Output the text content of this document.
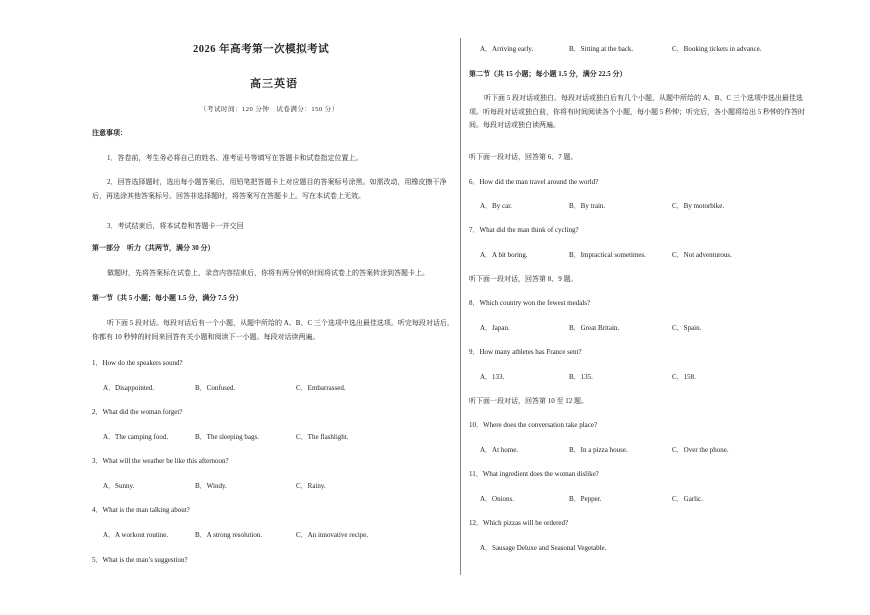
2026 年高考第一次模拟考试
高三英语
（考试时间：120 分钟　试卷满分：150 分）
注意事项：
1．答卷前，考生务必将自己的姓名、准考证号等填写在答题卡和试卷指定位置上。
2．回答选择题时，选出每小题答案后，用铅笔把答题卡上对应题目的答案标号涂黑。如需改动，用橡皮擦干净后，再选涂其他答案标号。回答非选择题时，将答案写在答题卡上。写在本试卷上无效。
3．考试结束后，将本试卷和答题卡一并交回
第一部分　听力（共两节，满分 30 分）
做题时，先将答案标在试卷上，录音内容结束后，你将有两分钟的时间将试卷上的答案转涂到答题卡上。
第一节（共 5 小题；每小题 1.5 分，满分 7.5 分）
听下面 5 段对话。每段对话后有一个小题，从题中所给的 A、B、C 三个选项中选出最佳选项。听完每段对话后，你都有 10 秒钟的时间来回答有关小题和阅读下一小题。每段对话读两遍。
1．How do the speakers sound?
A．Disappointed.	B．Confused.	C．Embarrassed.
2．What did the woman forget?
A．The camping food.	B．The sleeping bags.	C．The flashlight.
3．What will the weather be like this afternoon?
A．Sunny.	B．Windy.	C．Rainy.
4．What is the man talking about?
A．A workout routine.	B．A strong resolution.	C．An innovative recipe.
5．What is the man’s suggestion?
A．Arriving early.	B．Sitting at the back.	C．Booking tickets in advance.
第二节（共 15 小题；每小题 1.5 分，满分 22.5 分）
听下面 5 段对话或独白。每段对话或独白后有几个小题，从题中所给的 A、B、C 三个选项中选出最佳选项。听每段对话或独白前，你将有时间阅读各个小题，每小题 5 秒钟；听完后，各小题将给出 5 秒钟的作答时间。每段对话或独白读两遍。
听下面一段对话，回答第 6、7 题。
6．How did the man travel around the world?
A．By car.	B．By train.	C．By motorbike.
7．What did the man think of cycling?
A．A bit boring.	B．Impractical sometimes.	C．Not adventurous.
听下面一段对话，回答第 8、9 题。
8．Which country won the fewest medals?
A．Japan.	B．Great Britain.	C．Spain.
9．How many athletes has France sent?
A．133.	B．135.	C．158.
听下面一段对话，回答第 10 至 12 题。
10．Where does the conversation take place?
A．At home.	B．In a pizza house.	C．Over the phone.
11．What ingredient does the woman dislike?
A．Onions.	B．Pepper.	C．Garlic.
12．Which pizzas will be ordered?
A．Sausage Deluxe and Seasonal Vegetable.
